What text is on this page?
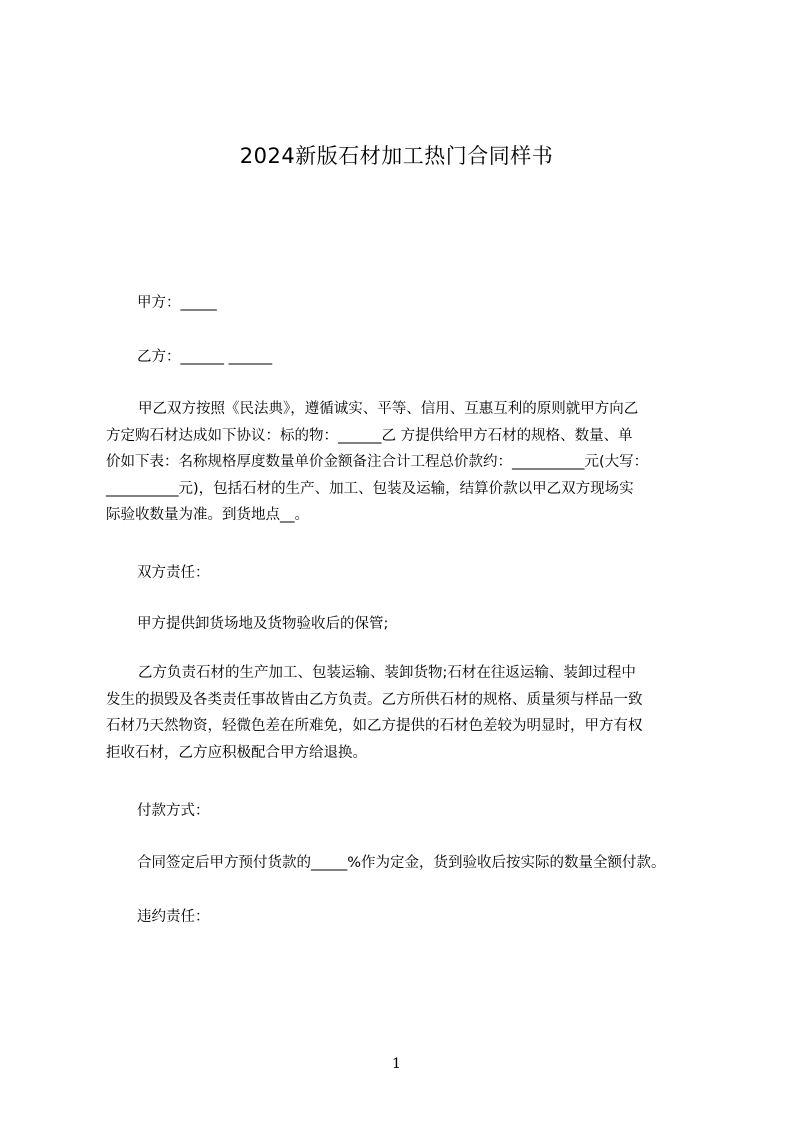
2024新版石材加工热门合同样书
甲方：_____
乙方：______ ______
甲乙双方按照《民法典》，遵循诚实、平等、信用、互惠互利的原则就甲方向乙
方定购石材达成如下协议：标的物：______乙 方提供给甲方石材的规格、数量、单
价如下表：名称规格厚度数量单价金额备注合计工程总价款约：__________元(大写：
__________元)，包括石材的生产、加工、包装及运输，结算价款以甲乙双方现场实
际验收数量为准。到货地点__。
双方责任：
甲方提供卸货场地及货物验收后的保管;
乙方负责石材的生产加工、包装运输、装卸货物;石材在往返运输、装卸过程中
发生的损毁及各类责任事故皆由乙方负责。乙方所供石材的规格、质量须与样品一致
石材乃天然物资，轻微色差在所难免，如乙方提供的石材色差较为明显时，甲方有权
拒收石材，乙方应积极配合甲方给退换。
付款方式：
合同签定后甲方预付货款的_____%作为定金，货到验收后按实际的数量全额付款。
违约责任：
1
